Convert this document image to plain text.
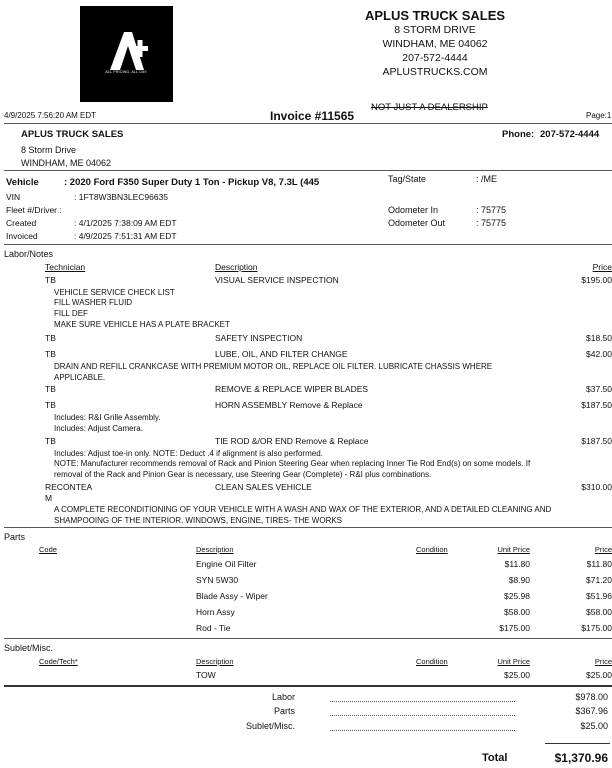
ALL PRICING. ALL DAY.
APLUS TRUCK SALES
8 STORM DRIVE
WINDHAM, ME 04062
207-572-4444
APLUSTRUCKS.COM
4/9/2025 7:56:20 AM EDT	Invoice #11565
NOT JUST A DEALERSHIP
Page:1
APLUS TRUCK SALES
8 Storm Drive
WINDHAM, ME 04062
Phone: 207-572-4444
Vehicle	: 2020 Ford F350 Super Duty 1 Ton - Pickup V8, 7.3L (445
VIN	: 1FT8W3BN3LEC96635
Fleet #/Driver :
Created	: 4/1/2025 7:38:09 AM EDT
Invoiced	: 4/9/2025 7:51:31 AM EDT
Tag/State	: /ME
Odometer In	: 75775
Odometer Out	: 75775
Labor/Notes
Technician	Description	Price
TB	VISUAL SERVICE INSPECTION	$195.00
VEHICLE SERVICE CHECK LIST
FILL WASHER FLUID
FILL DEF
MAKE SURE VEHICLE HAS A PLATE BRACKET
TB	SAFETY INSPECTION	$18.50
TB	LUBE, OIL, AND FILTER CHANGE	$42.00
DRAIN AND REFILL CRANKCASE WITH PREMIUM MOTOR OIL, REPLACE OIL FILTER. LUBRICATE CHASSIS WHERE APPLICABLE.
TB	REMOVE & REPLACE WIPER BLADES	$37.50
TB	HORN ASSEMBLY Remove & Replace	$187.50
Includes: R&I Grille Assembly.
Includes: Adjust Camera.
TB	TIE ROD &/OR END Remove & Replace	$187.50
Includes: Adjust toe-in only. NOTE: Deduct .4 if alignment is also performed.
NOTE: Manufacturer recommends removal of Rack and Pinion Steering Gear when replacing Inner Tie Rod End(s) on some models. If removal of the Rack and Pinion Gear is necessary, use Steering Gear (Complete) - R&I plus combinations.
RECONTEA
M
CLEAN SALES VEHICLE	$310.00
A COMPLETE RECONDITIONING OF YOUR VEHICLE WITH A WASH AND WAX OF THE EXTERIOR, AND A DETAILED CLEANING AND SHAMPOOING OF THE INTERIOR. WINDOWS, ENGINE, TIRES- THE WORKS
Parts
Code	Description	Condition	Unit Price	Price
Engine Oil Filter	$11.80	$11.80
SYN 5W30	$8.90	$71.20
Blade Assy - Wiper	$25.98	$51.96
Horn Assy	$58.00	$58.00
Rod - Tie	$175.00	$175.00
Sublet/Misc.
Code/Tech*	Description	Condition	Unit Price	Price
TOW	$25.00	$25.00
Labor	$978.00
Parts	$367.96
Sublet/Misc.	$25.00
Total	$1,370.96
